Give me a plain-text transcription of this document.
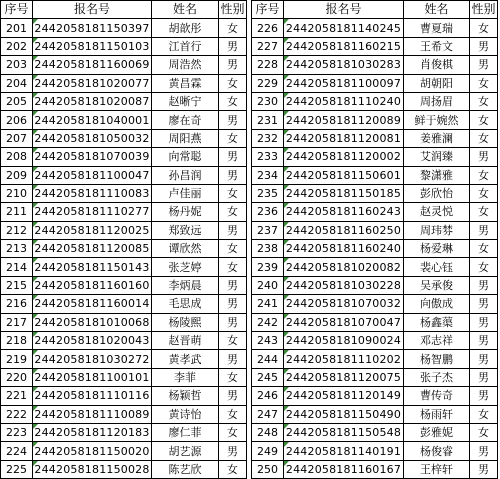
序号	报名号	姓名	性别
201	2442058181150397	胡歆彤	女
202	2442058181150103	江首行	男
203	2442058181160069	周浩然	男
204	2442058181020077	黄昌霖	女
205	2442058181020087	赵晰宁	女
206	2442058181040001	廖在奇	男
207	2442058181050032	周阳燕	女
208	2442058181070039	向常聪	男
209	2442058181100047	孙昌润	男
210	2442058181110083	卢佳丽	女
211	2442058181110277	杨丹妮	女
212	2442058181120025	郑致远	男
213	2442058181120085	谭欣然	女
214	2442058181150143	张芝婷	女
215	2442058181160160	李炳晨	男
216	2442058181160014	毛思成	男
217	2442058181010068	杨陵熙	男
218	2442058181020043	赵晋萌	女
219	2442058181030272	黄孝武	男
220	2442058181100101	李菲	女
221	2442058181110116	杨颖哲	男
222	2442058181110089	黄诗怡	女
223	2442058181120183	廖仁菲	女
224	2442058181150020	胡艺源	男
225	2442058181150028	陈艺欣	女
序号	报名号	姓名	性别
226	2442058181140245	曹夏瑞	女
227	2442058181160215	王希文	男
228	2442058181030283	肖俊棋	男
229	2442058181100097	胡朝阳	女
230	2442058181110240	周扬眉	女
231	2442058181120089	鲜于婉然	女
232	2442058181120081	姜雅澜	女
233	2442058181120002	艾润臻	男
234	2442058181150601	黎潇雅	女
235	2442058181150185	彭欣怡	女
236	2442058181160243	赵灵悦	女
237	2442058181160250	周玮棼	男
238	2442058181160240	杨爱琳	女
239	2442058181020082	裴心钰	女
240	2442058181030228	吴承俊	男
241	2442058181070032	向傲成	男
242	2442058181070047	杨鑫蕖	男
243	2442058181090024	邓志祥	男
244	2442058181110202	杨智鹏	男
245	2442058181120075	张子杰	男
246	2442058181120149	曹传奇	男
247	2442058181150490	杨雨轩	女
248	2442058181150548	彭雅妮	女
249	2442058181140191	杨俊睿	男
250	2442058181160167	王梓轩	男
